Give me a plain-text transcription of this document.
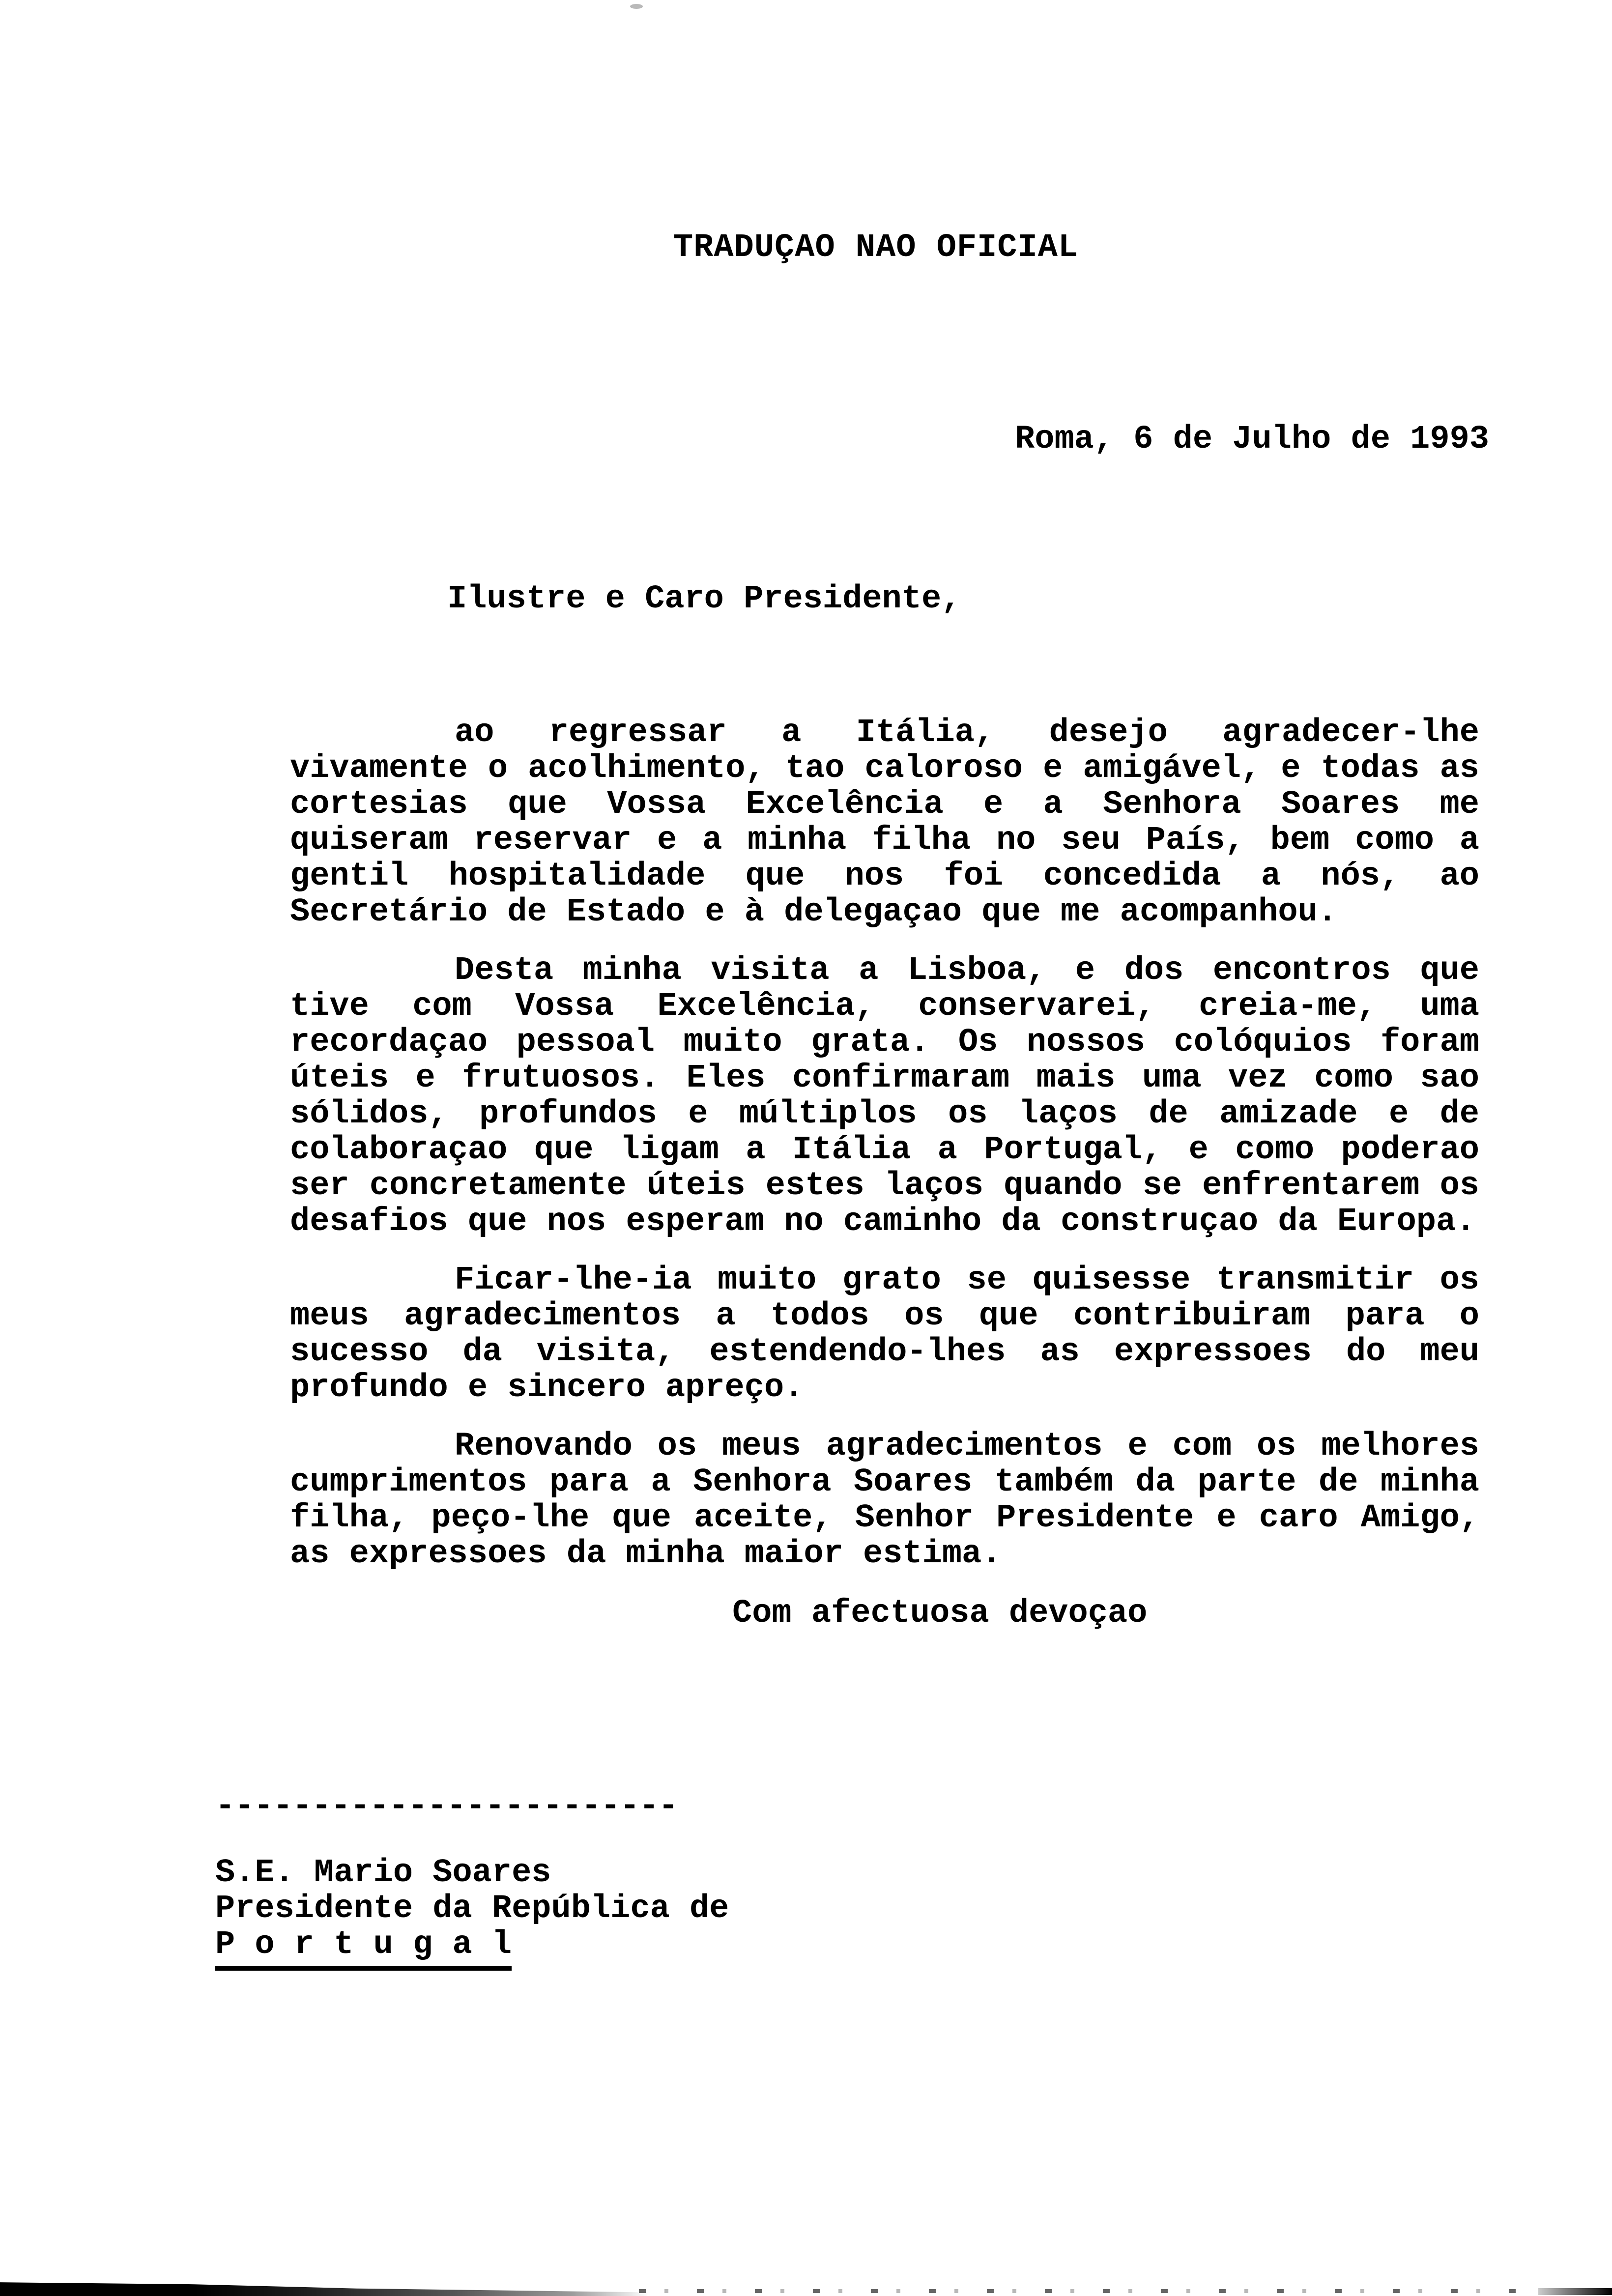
TRADUÇAO NAO OFICIAL
Roma, 6 de Julho de 1993
Ilustre e Caro Presidente,

ao regressar a Itália, desejo agradecer-lhe vivamente o acolhimento, tao caloroso e amigável, e todas as cortesias que Vossa Excelência e a Senhora Soares me quiseram reservar e a minha filha no seu País, bem como a gentil hospitalidade que nos foi concedida a nós, ao Secretário de Estado e à delegaçao que me acompanhou.

Desta minha visita a Lisboa, e dos encontros que tive com Vossa Excelência, conservarei, creia-me, uma recordaçao pessoal muito grata. Os nossos colóquios foram úteis e frutuosos. Eles confirmaram mais uma vez como sao sólidos, profundos e múltiplos os laços de amizade e de colaboraçao que ligam a Itália a Portugal, e como poderao ser concretamente úteis estes laços quando se enfrentarem os desafios que nos esperam no caminho da construçao da Europa.

Ficar-lhe-ia muito grato se quisesse transmitir os meus agradecimentos a todos os que contribuiram para o sucesso da visita, estendendo-lhes as expressoes do meu profundo e sincero apreço.

Renovando os meus agradecimentos e com os melhores cumprimentos para a Senhora Soares também da parte de minha filha, peço-lhe que aceite, Senhor Presidente e caro Amigo, as expressoes da minha maior estima.

Com afectuosa devoçao
------------------------
S.E. Mario Soares
Presidente da República de
P o r t u g a l
